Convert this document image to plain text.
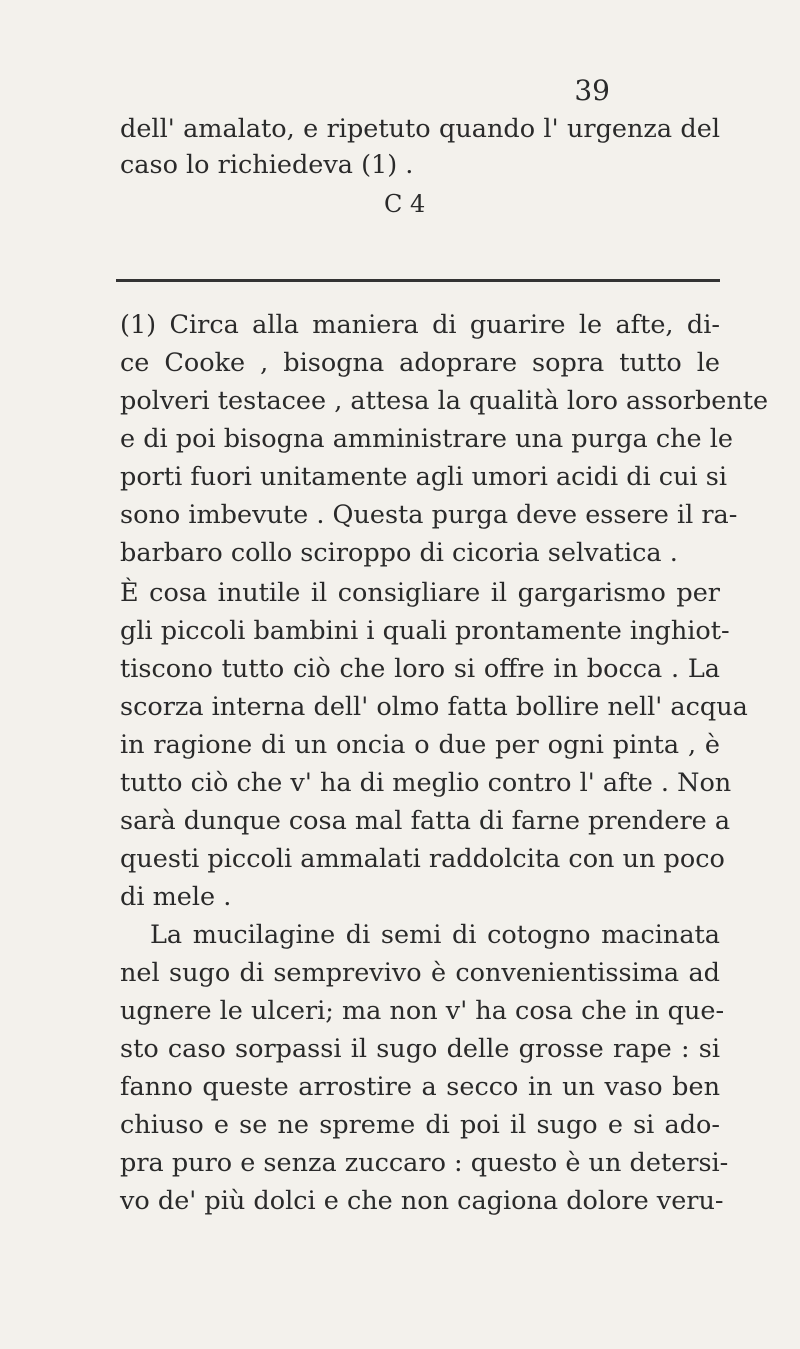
39
dell' amalato, e ripetuto quando l' urgenza del
caso lo richiedeva (1) .
C 4
(1) Circa alla maniera di guarire le afte, di-
ce Cooke , bisogna adoprare sopra tutto le
polveri testacee , attesa la qualità loro assorbente
e di poi bisogna amministrare una purga che le
porti fuori unitamente agli umori acidi di cui si
sono imbevute . Questa purga deve essere il ra-
barbaro collo sciroppo di cicoria selvatica .
È cosa inutile il consigliare il gargarismo per
gli piccoli bambini i quali prontamente inghiot-
tiscono tutto ciò che loro si offre in bocca . La
scorza interna dell' olmo fatta bollire nell' acqua
in ragione di un oncia o due per ogni pinta , è
tutto ciò che v' ha di meglio contro l' afte . Non
sarà dunque cosa mal fatta di farne prendere a
questi piccoli ammalati raddolcita con un poco
di mele .
La mucilagine di semi di cotogno macinata
nel sugo di semprevivo è convenientissima ad
ugnere le ulceri; ma non v' ha cosa che in que-
sto caso sorpassi il sugo delle grosse rape : si
fanno queste arrostire a secco in un vaso ben
chiuso e se ne spreme di poi il sugo e si ado-
pra puro e senza zuccaro : questo è un detersi-
vo de' più dolci e che non cagiona dolore veru-
